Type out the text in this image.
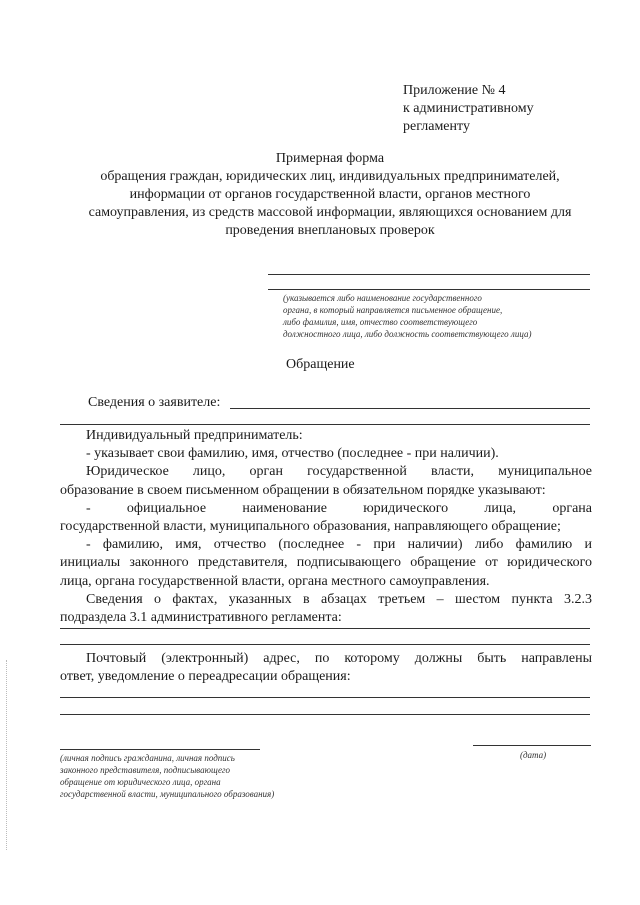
Приложение № 4
к административному
регламенту
Примерная форма
обращения граждан, юридических лиц, индивидуальных предпринимателей,
информации от органов государственной власти, органов местного
самоуправления, из средств массовой информации, являющихся основанием для
проведения внеплановых проверок
(указывается либо наименование государственного
органа, в который направляется письменное обращение,
либо фамилия, имя, отчество соответствующего
должностного лица, либо должность соответствующего лица)
Обращение
Сведения о заявителе:
Индивидуальный предприниматель:
- указывает свои фамилию, имя, отчество (последнее - при наличии).
Юридическое лицо, орган государственной власти, муниципальное
образование в своем письменном обращении в обязательном порядке указывают:
- официальное наименование юридического лица, органа
государственной власти, муниципального образования, направляющего обращение;
- фамилию, имя, отчество (последнее - при наличии) либо фамилию и
инициалы законного представителя, подписывающего обращение от юридического
лица, органа государственной власти, органа местного самоуправления.
Сведения о фактах, указанных в абзацах третьем – шестом пункта 3.2.3
подраздела 3.1 административного регламента:
Почтовый (электронный) адрес, по которому должны быть направлены
ответ, уведомление о переадресации обращения:
(личная подпись гражданина, личная подпись
законного представителя, подписывающего
обращение от юридического лица, органа
государственной власти, муниципального образования)
(дата)
